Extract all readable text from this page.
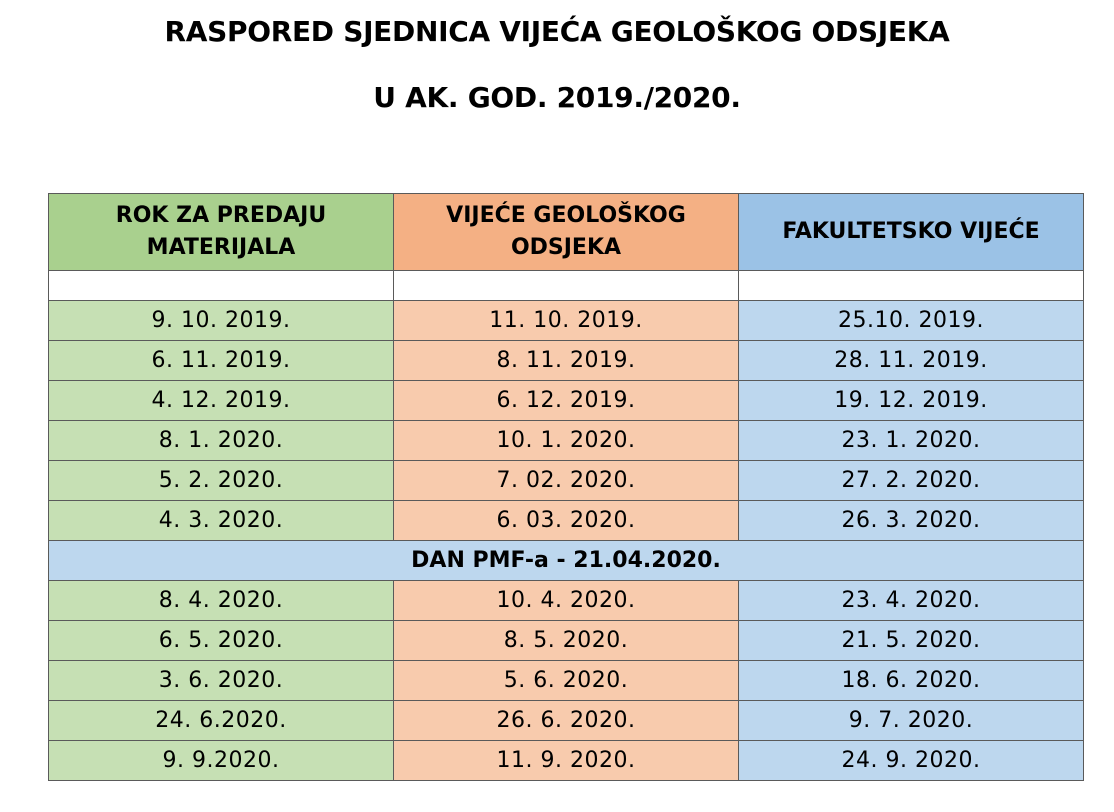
RASPORED SJEDNICA VIJEĆA GEOLOŠKOG ODSJEKA
U AK. GOD. 2019./2020.
ROK ZA PREDAJU MATERIJALA	VIJEĆE GEOLOŠKOG ODSJEKA	FAKULTETSKO VIJEĆE

9. 10. 2019.	11. 10. 2019.	25.10. 2019.
6. 11. 2019.	8. 11. 2019.	28. 11. 2019.
4. 12. 2019.	6. 12. 2019.	19. 12. 2019.
8. 1. 2020.	10. 1. 2020.	23. 1. 2020.
5. 2. 2020.	7. 02. 2020.	27. 2. 2020.
4. 3. 2020.	6. 03. 2020.	26. 3. 2020.
DAN PMF-a - 21.04.2020.		
8. 4. 2020.	10. 4. 2020.	23. 4. 2020.
6. 5. 2020.	8. 5. 2020.	21. 5. 2020.
3. 6. 2020.	5. 6. 2020.	18. 6. 2020.
24. 6.2020.	26. 6. 2020.	9. 7. 2020.
9. 9.2020.	11. 9. 2020.	24. 9. 2020.
